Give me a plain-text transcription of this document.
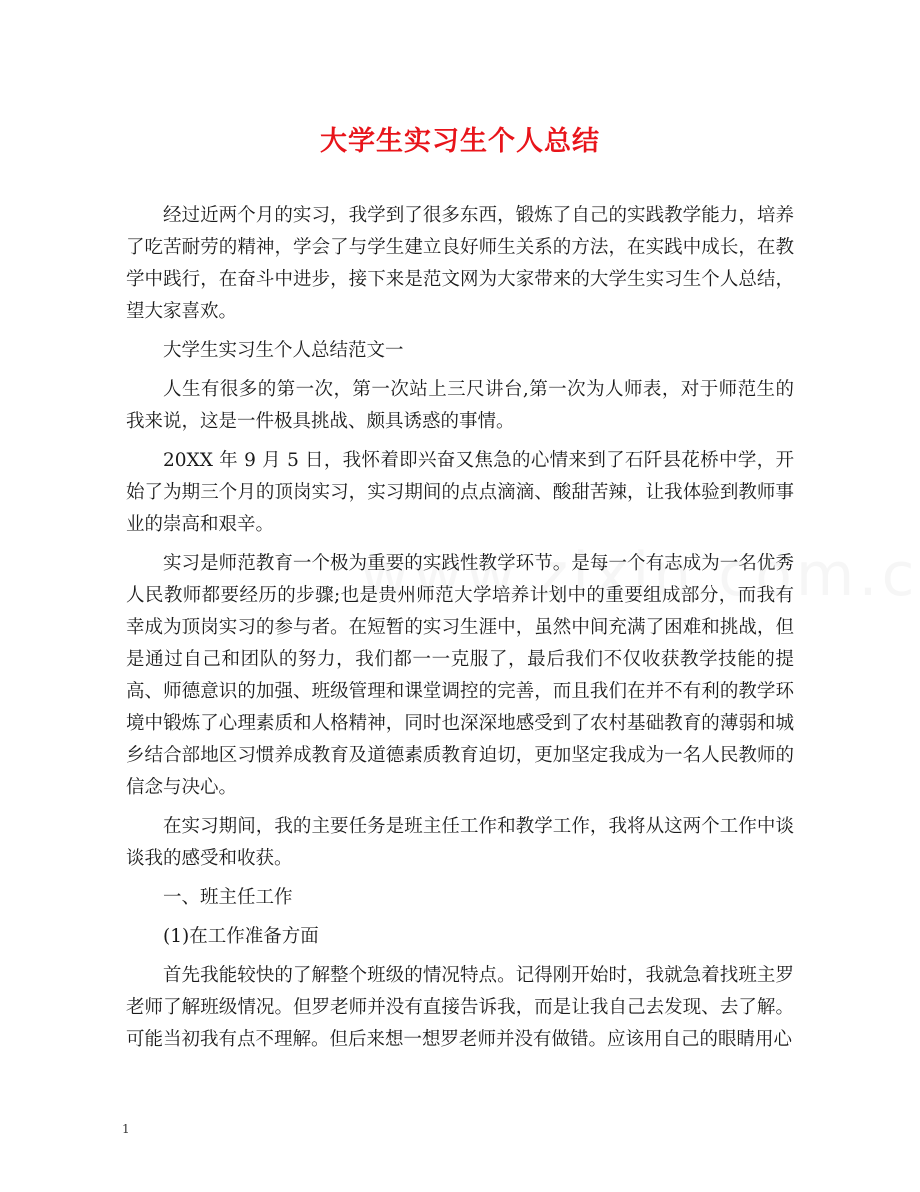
大学生实习生个人总结

经过近两个月的实习，我学到了很多东西，锻炼了自己的实践教学能力，培养了吃苦耐劳的精神，学会了与学生建立良好师生关系的方法，在实践中成长，在教学中践行，在奋斗中进步，接下来是范文网为大家带来的大学生实习生个人总结，望大家喜欢。

大学生实习生个人总结范文一

人生有很多的第一次，第一次站上三尺讲台,第一次为人师表，对于师范生的我来说，这是一件极具挑战、颇具诱惑的事情。

20XX 年 9 月 5 日，我怀着即兴奋又焦急的心情来到了石阡县花桥中学，开始了为期三个月的顶岗实习，实习期间的点点滴滴、酸甜苦辣，让我体验到教师事业的崇高和艰辛。

实习是师范教育一个极为重要的实践性教学环节。是每一个有志成为一名优秀人民教师都要经历的步骤;也是贵州师范大学培养计划中的重要组成部分，而我有幸成为顶岗实习的参与者。在短暂的实习生涯中，虽然中间充满了困难和挑战，但是通过自己和团队的努力，我们都一一克服了，最后我们不仅收获教学技能的提高、师德意识的加强、班级管理和课堂调控的完善，而且我们在并不有利的教学环境中锻炼了心理素质和人格精神，同时也深深地感受到了农村基础教育的薄弱和城乡结合部地区习惯养成教育及道德素质教育迫切，更加坚定我成为一名人民教师的信念与决心。

在实习期间，我的主要任务是班主任工作和教学工作，我将从这两个工作中谈谈我的感受和收获。

一、班主任工作

(1)在工作准备方面

首先我能较快的了解整个班级的情况特点。记得刚开始时，我就急着找班主罗老师了解班级情况。但罗老师并没有直接告诉我，而是让我自己去发现、去了解。可能当初我有点不理解。但后来想一想罗老师并没有做错。应该用自己的眼睛用心

1
